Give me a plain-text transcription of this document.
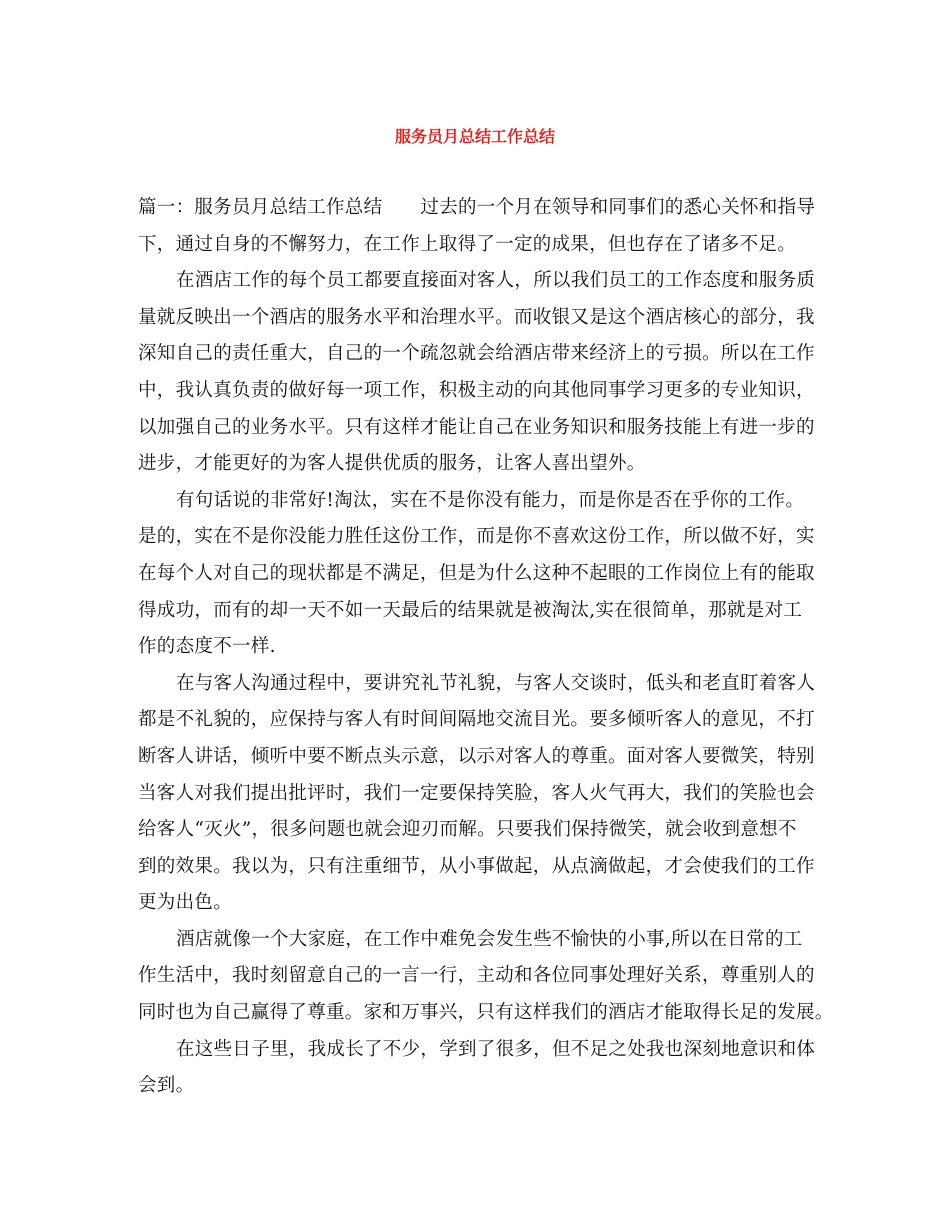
服务员月总结工作总结
篇一：服务员月总结工作总结 过去的一个月在领导和同事们的悉心关怀和指导
下，通过自身的不懈努力，在工作上取得了一定的成果，但也存在了诸多不足。
在酒店工作的每个员工都要直接面对客人，所以我们员工的工作态度和服务质
量就反映出一个酒店的服务水平和治理水平。而收银又是这个酒店核心的部分，我
深知自己的责任重大，自己的一个疏忽就会给酒店带来经济上的亏损。所以在工作
中，我认真负责的做好每一项工作，积极主动的向其他同事学习更多的专业知识，
以加强自己的业务水平。只有这样才能让自己在业务知识和服务技能上有进一步的
进步，才能更好的为客人提供优质的服务，让客人喜出望外。
有句话说的非常好!淘汰，实在不是你没有能力，而是你是否在乎你的工作。
是的，实在不是你没能力胜任这份工作，而是你不喜欢这份工作，所以做不好，实
在每个人对自己的现状都是不满足，但是为什么这种不起眼的工作岗位上有的能取
得成功，而有的却一天不如一天最后的结果就是被淘汰,实在很简单，那就是对工
作的态度不一样.
在与客人沟通过程中，要讲究礼节礼貌，与客人交谈时，低头和老直盯着客人
都是不礼貌的，应保持与客人有时间间隔地交流目光。要多倾听客人的意见，不打
断客人讲话，倾听中要不断点头示意，以示对客人的尊重。面对客人要微笑，特别
当客人对我们提出批评时，我们一定要保持笑脸，客人火气再大，我们的笑脸也会
给客人“灭火”，很多问题也就会迎刃而解。只要我们保持微笑，就会收到意想不
到的效果。我以为，只有注重细节，从小事做起，从点滴做起，才会使我们的工作
更为出色。
酒店就像一个大家庭，在工作中难免会发生些不愉快的小事,所以在日常的工
作生活中，我时刻留意自己的一言一行，主动和各位同事处理好关系，尊重别人的
同时也为自己赢得了尊重。家和万事兴，只有这样我们的酒店才能取得长足的发展。
在这些日子里，我成长了不少，学到了很多，但不足之处我也深刻地意识和体
会到。
